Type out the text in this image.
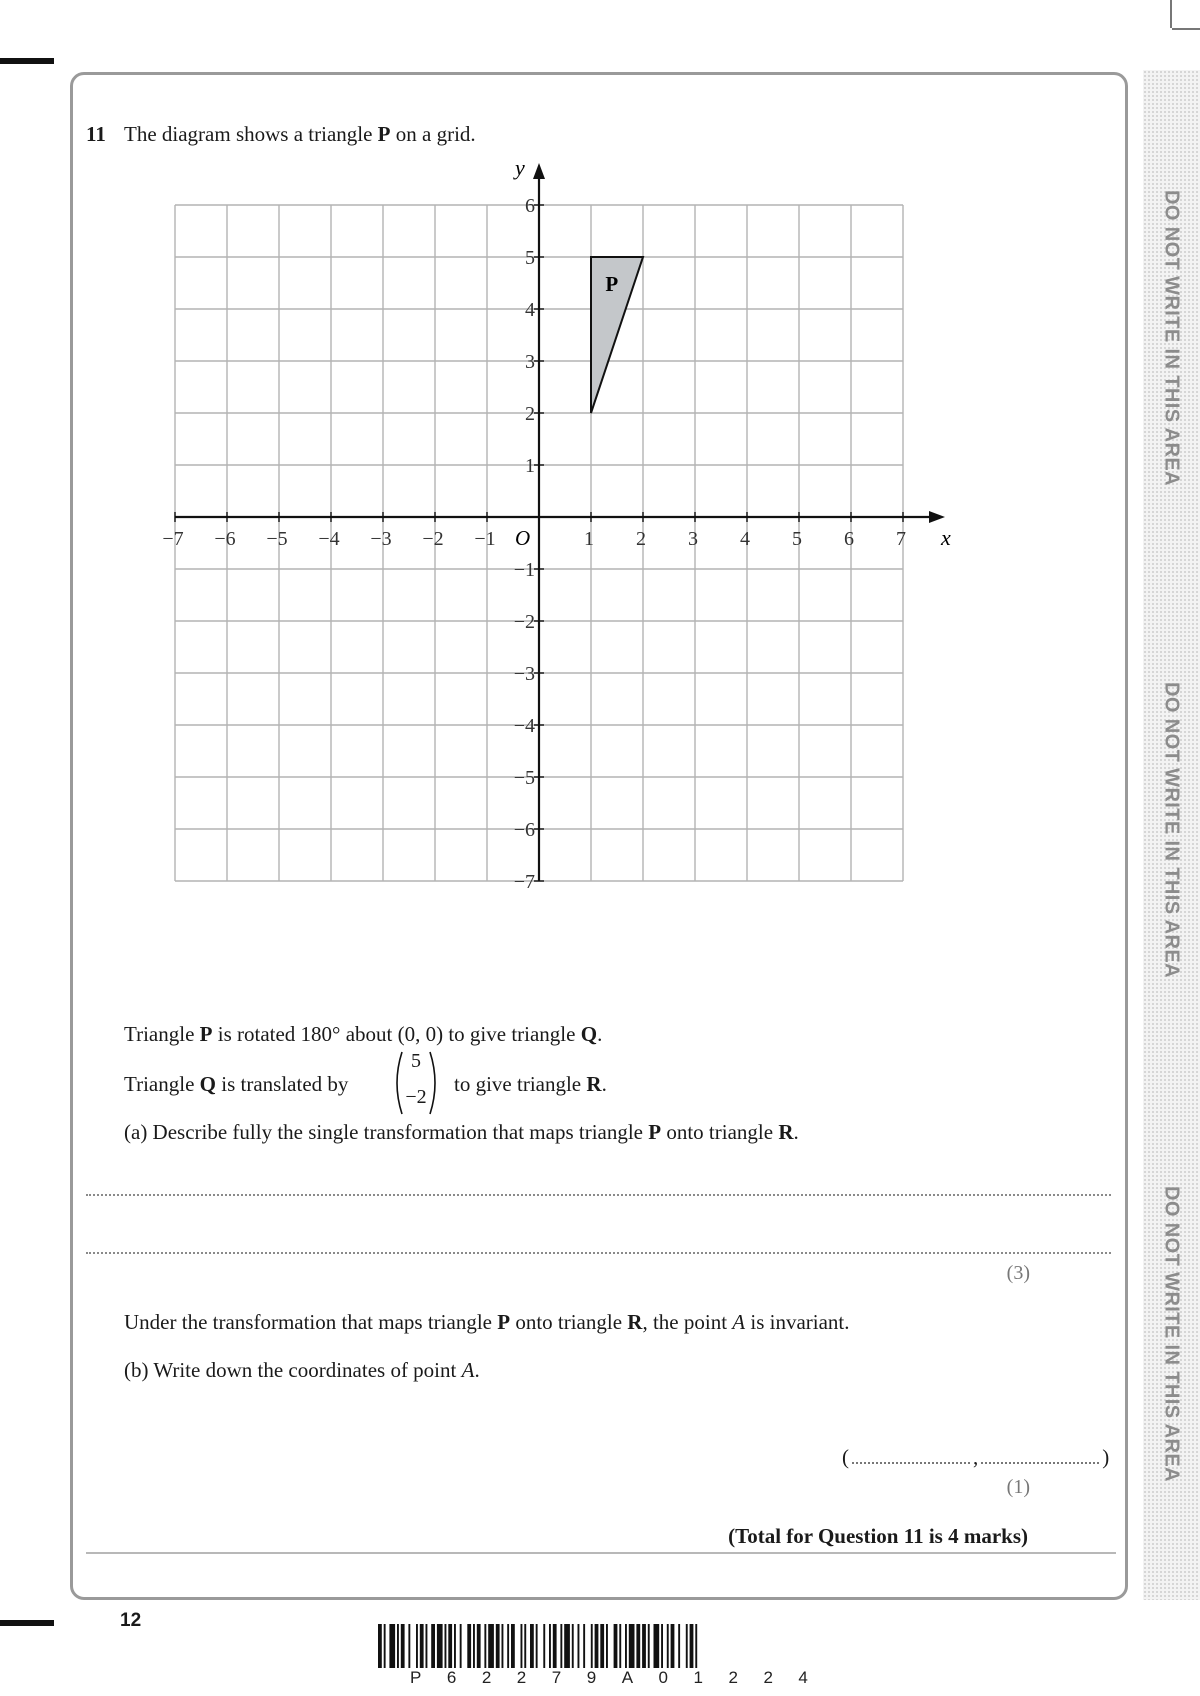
DO NOT WRITE IN THIS AREA
DO NOT WRITE IN THIS AREA
DO NOT WRITE IN THIS AREA
11 The diagram shows a triangle P on a grid.
−7 −6 −5 −4 −3 −2 −1	1 2 3 4 5 6 7
6
5
4
3
2
1
−1
−2
−3
−4
−5
−6
−7
P
x
y
O
Triangle P is rotated 180° about (0, 0) to give triangle Q.
Triangle Q is translated by
5
−2
to give triangle R.
(a) Describe fully the single transformation that maps triangle P onto triangle R.
(3)
Under the transformation that maps triangle P onto triangle R, the point A is invariant.
(b) Write down the coordinates of point A.
(	,	)
(1)
(Total for Question 11 is 4 marks)
12
P 6 2 2 7 9 A 0 1 2 2 4
